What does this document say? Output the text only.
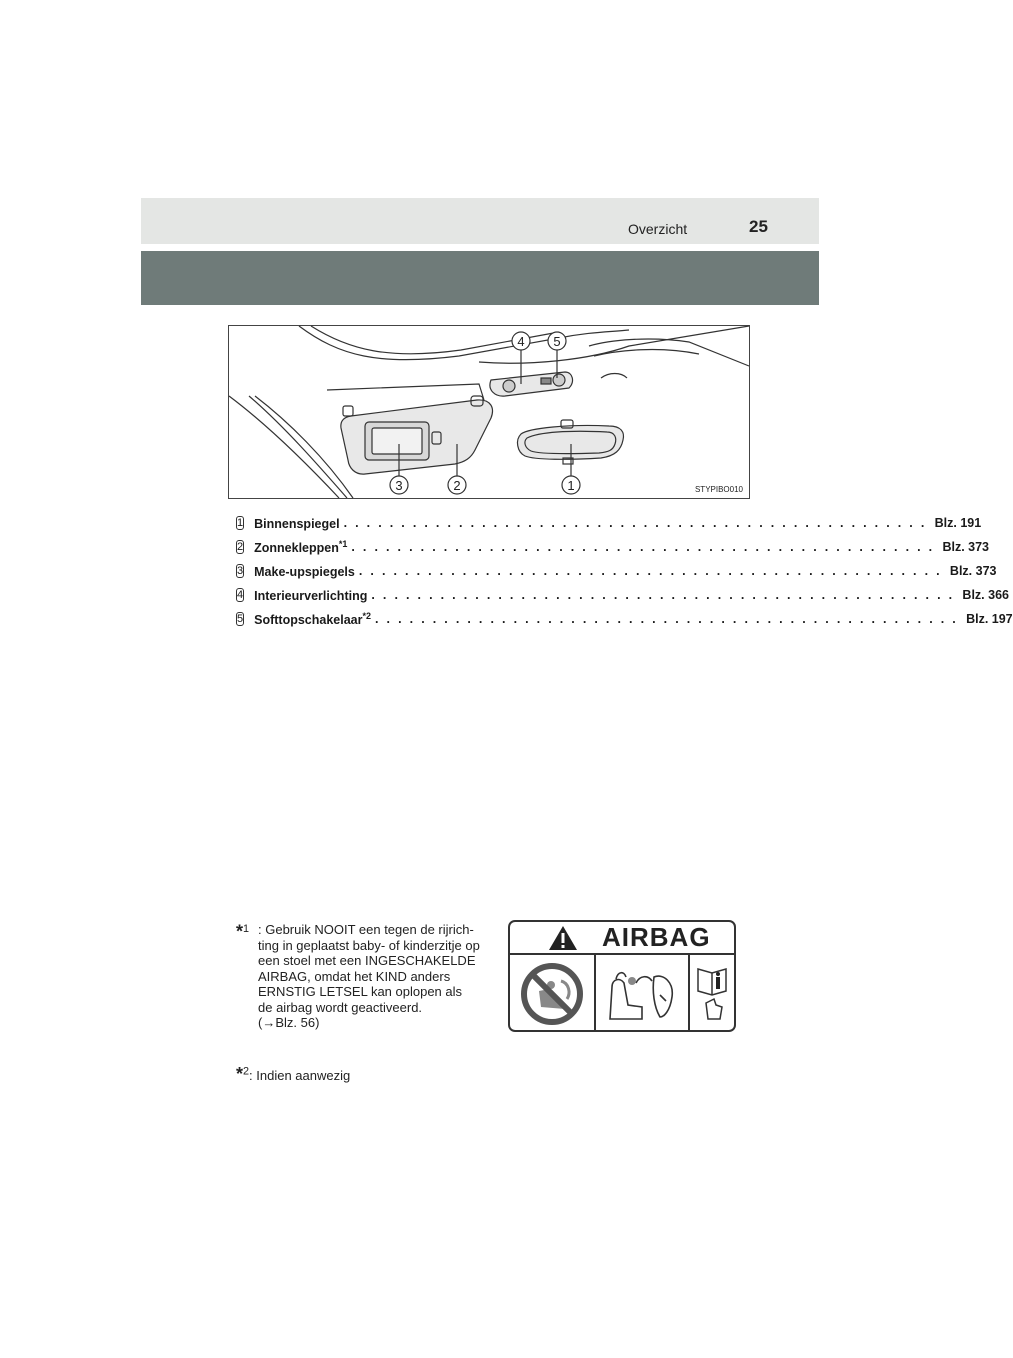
Overzicht	25
4 5
3	2	1	STYPIBO010
1 Binnenspiegel . . . . . . . . . . . . . . . . . . . . . . . . . . . . . . . . . . . . . . . . . . . . . . . . . . . Blz. 191
2 Zonnekleppen$^{*1}$ . . . . . . . . . . . . . . . . . . . . . . . . . . . . . . . . . . . . . . . . . . . . . . . . . . . Blz. 373
3 Make-upspiegels . . . . . . . . . . . . . . . . . . . . . . . . . . . . . . . . . . . . . . . . . . . . . . . . . . . Blz. 373
4 Interieurverlichting . . . . . . . . . . . . . . . . . . . . . . . . . . . . . . . . . . . . . . . . . . . . . . . . . . . Blz. 366
5 Softtopschakelaar$^{*2}$ . . . . . . . . . . . . . . . . . . . . . . . . . . . . . . . . . . . . . . . . . . . . . . . . . . . Blz. 197
*$^1$ : Gebruik NOOIT een tegen de rijrich-
ting in geplaatst baby- of kinderzitje op
een stoel met een INGESCHAKELDE
AIRBAG, omdat het KIND anders
ERNSTIG LETSEL kan oplopen als
de airbag wordt geactiveerd.
(→Blz. 56)
*$^2$: Indien aanwezig
AIRBAG
